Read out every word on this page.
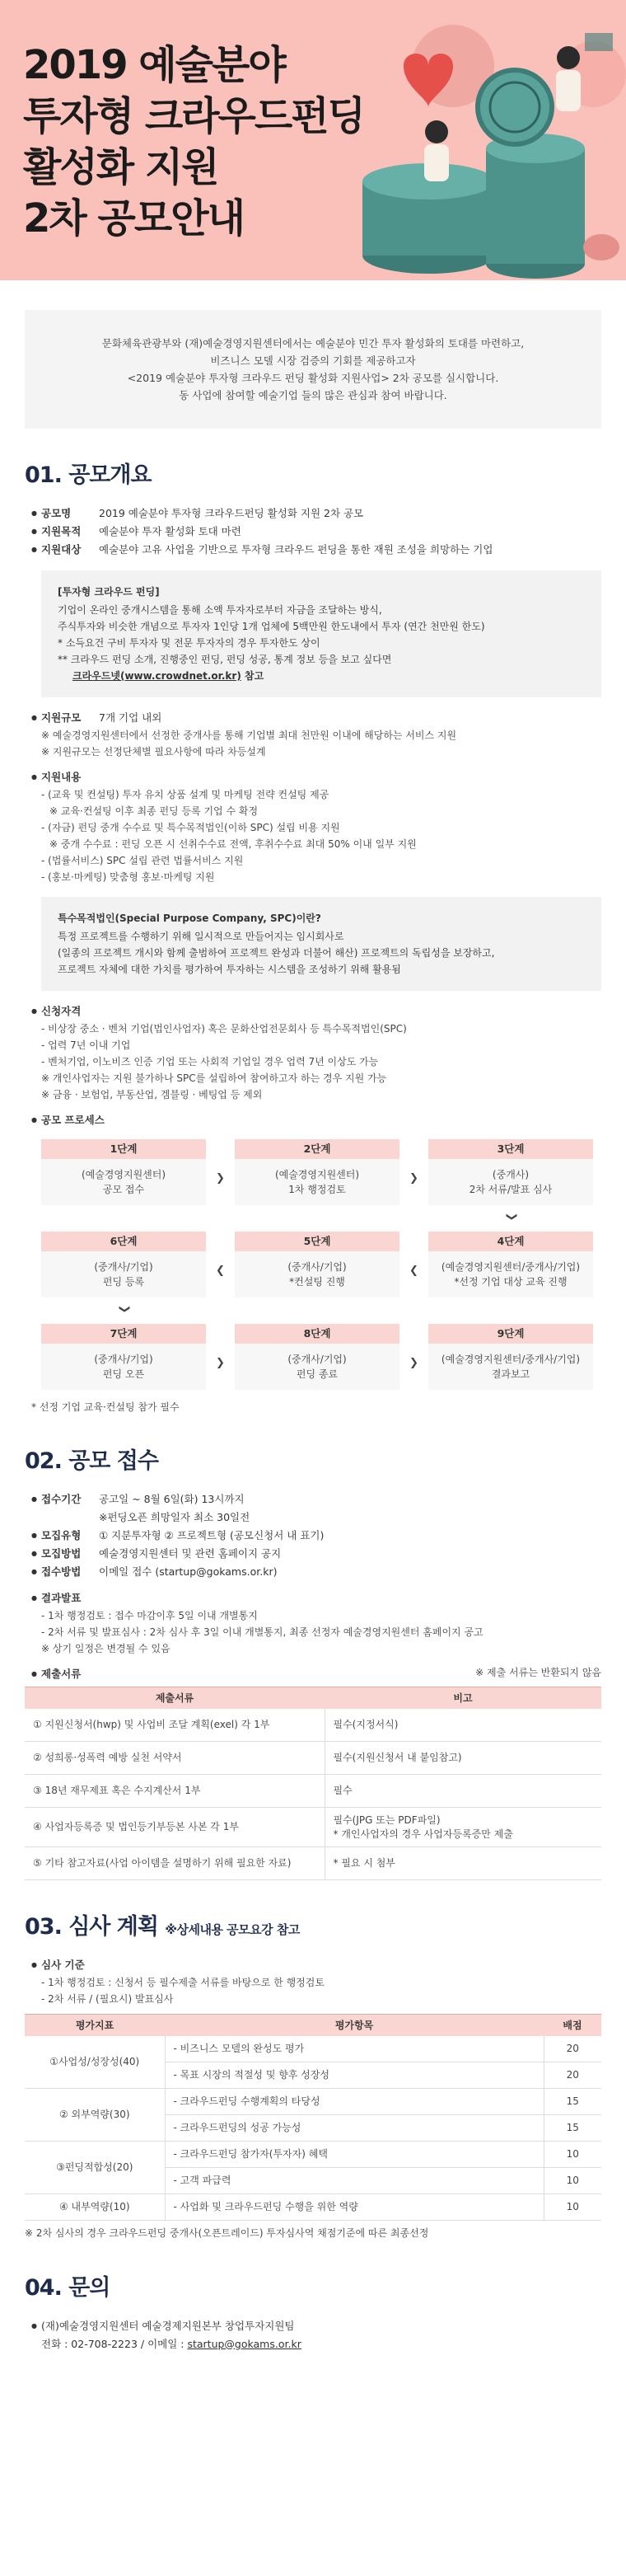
2019 예술분야
투자형 크라우드펀딩
활성화 지원
2차 공모안내
문화체육관광부와 (재)예술경영지원센터에서는 예술분야 민간 투자 활성화의 토대를 마련하고,
비즈니스 모델 시장 검증의 기회를 제공하고자
<2019 예술분야 투자형 크라우드 펀딩 활성화 지원사업> 2차 공모를 실시합니다.
동 사업에 참여할 예술기업 들의 많은 관심과 참여 바랍니다.
01. 공모개요
● 공모명	2019 예술분야 투자형 크라우드펀딩 활성화 지원 2차 공모
● 지원목적	예술분야 투자 활성화 토대 마련
● 지원대상	예술분야 고유 사업을 기반으로 투자형 크라우드 펀딩을 통한 재원 조성을 희망하는 기업
[투자형 크라우드 펀딩]
기업이 온라인 중개시스템을 통해 소액 투자자로부터 자금을 조달하는 방식,
주식투자와 비슷한 개념으로 투자자 1인당 1개 업체에 5백만원 한도내에서 투자 (연간 천만원 한도)
* 소득요건 구비 투자자 및 전문 투자자의 경우 투자한도 상이
** 크라우드 펀딩 소개, 진행중인 펀딩, 펀딩 성공, 통계 정보 등을 보고 싶다면
크라우드넷(www.crowdnet.or.kr) 참고
● 지원규모	7개 기업 내외
※ 예술경영지원센터에서 선정한 중개사를 통해 기업별 최대 천만원 이내에 해당하는 서비스 지원
※ 지원규모는 선정단체별 필요사항에 따라 차등설계
● 지원내용
- (교육 및 컨설팅) 투자 유치 상품 설계 및 마케팅 전략 컨설팅 제공
※ 교육·컨설팅 이후 최종 펀딩 등록 기업 수 확정
- (자금) 펀딩 중개 수수료 및 특수목적법인(이하 SPC) 설립 비용 지원
※ 중개 수수료 : 펀딩 오픈 시 선취수수료 전액, 후취수수료 최대 50% 이내 일부 지원
- (법률서비스) SPC 설립 관련 법률서비스 지원
- (홍보·마케팅) 맞춤형 홍보·마케팅 지원
특수목적법인(Special Purpose Company, SPC)이란?
특정 프로젝트를 수행하기 위해 일시적으로 만들어지는 임시회사로
(일종의 프로젝트 개시와 함께 출범하여 프로젝트 완성과 더불어 해산) 프로젝트의 독립성을 보장하고,
프로젝트 자체에 대한 가치를 평가하여 투자하는 시스템을 조성하기 위해 활용됨
● 신청자격
- 비상장 중소 · 벤처 기업(법인사업자) 혹은 문화산업전문회사 등 특수목적법인(SPC)
- 업력 7년 이내 기업
- 벤처기업, 이노비즈 인증 기업 또는 사회적 기업일 경우 업력 7년 이상도 가능
※ 개인사업자는 지원 불가하나 SPC를 설립하여 참여하고자 하는 경우 지원 가능
※ 금융 · 보험업, 부동산업, 겜블링 · 베팅업 등 제외
● 공모 프로세스
1단계
(예술경영지원센터)
공모 접수
❯
2단계
(예술경영지원센터)
1차 행정검토
❯
3단계
(중개사)
2차 서류/발표 심사
❯
6단계
(중개사/기업)
펀딩 등록
❮
5단계
(중개사/기업)
*컨설팅 진행
❮
4단계
(예술경영지원센터/중개사/기업)
*선정 기업 대상 교육 진행
❯
7단계
(중개사/기업)
펀딩 오픈
❯
8단계
(중개사/기업)
펀딩 종료
❯
9단계
(예술경영지원센터/중개사/기업)
결과보고
* 선정 기업 교육·컨설팅 참가 필수
02. 공모 접수
● 접수기간	공고일 ~ 8월 6일(화) 13시까지
※펀딩오픈 희망일자 최소 30일전
● 모집유형	① 지분투자형 ② 프로젝트형 (공모신청서 내 표기)
● 모집방법	예술경영지원센터 및 관련 홈페이지 공지
● 접수방법	이메일 접수 (startup@gokams.or.kr)
● 결과발표
- 1차 행정검토 : 접수 마감이후 5일 이내 개별통지
- 2차 서류 및 발표심사 : 2차 심사 후 3일 이내 개별통지, 최종 선정자 예술경영지원센터 홈페이지 공고
※ 상기 일정은 변경될 수 있음
● 제출서류	※ 제출 서류는 반환되지 않음
제출서류	비고
① 지원신청서(hwp) 및 사업비 조달 계획(exel) 각 1부	필수(지정서식)
② 성희롱·성폭력 예방 실천 서약서	필수(지원신청서 내 붙임참고)
③ 18년 재무제표 혹은 수지계산서 1부	필수
④ 사업자등록증 및 법인등기부등본 사본 각 1부	필수(JPG 또는 PDF파일)
* 개인사업자의 경우 사업자등록증만 제출
⑤ 기타 참고자료(사업 아이템을 설명하기 위해 필요한 자료)	* 필요 시 첨부
03. 심사 계획 ※상세내용 공모요강 참고
● 심사 기준
- 1차 행정검토 : 신청서 등 필수제출 서류를 바탕으로 한 행정검토
- 2차 서류 / (필요시) 발표심사
평가지표	평가항목	배점
①사업성/성장성(40)	- 비즈니스 모델의 완성도 평가	20
	- 목표 시장의 적절성 및 향후 성장성	20
② 외부역량(30)	- 크라우드펀딩 수행계획의 타당성	15
	- 크라우드펀딩의 성공 가능성	15
③펀딩적합성(20)	- 크라우드펀딩 참가자(투자자) 혜택	10
	- 고객 파급력	10
④ 내부역량(10)	- 사업화 및 크라우드펀딩 수행을 위한 역량	10
※ 2차 심사의 경우 크라우드펀딩 중개사(오픈트레이드) 투자심사역 채점기준에 따른 최종선정
04. 문의
● (재)예술경영지원센터 예술경제지원본부 창업투자지원팀
전화 : 02-708-2223 / 이메일 : startup@gokams.or.kr
